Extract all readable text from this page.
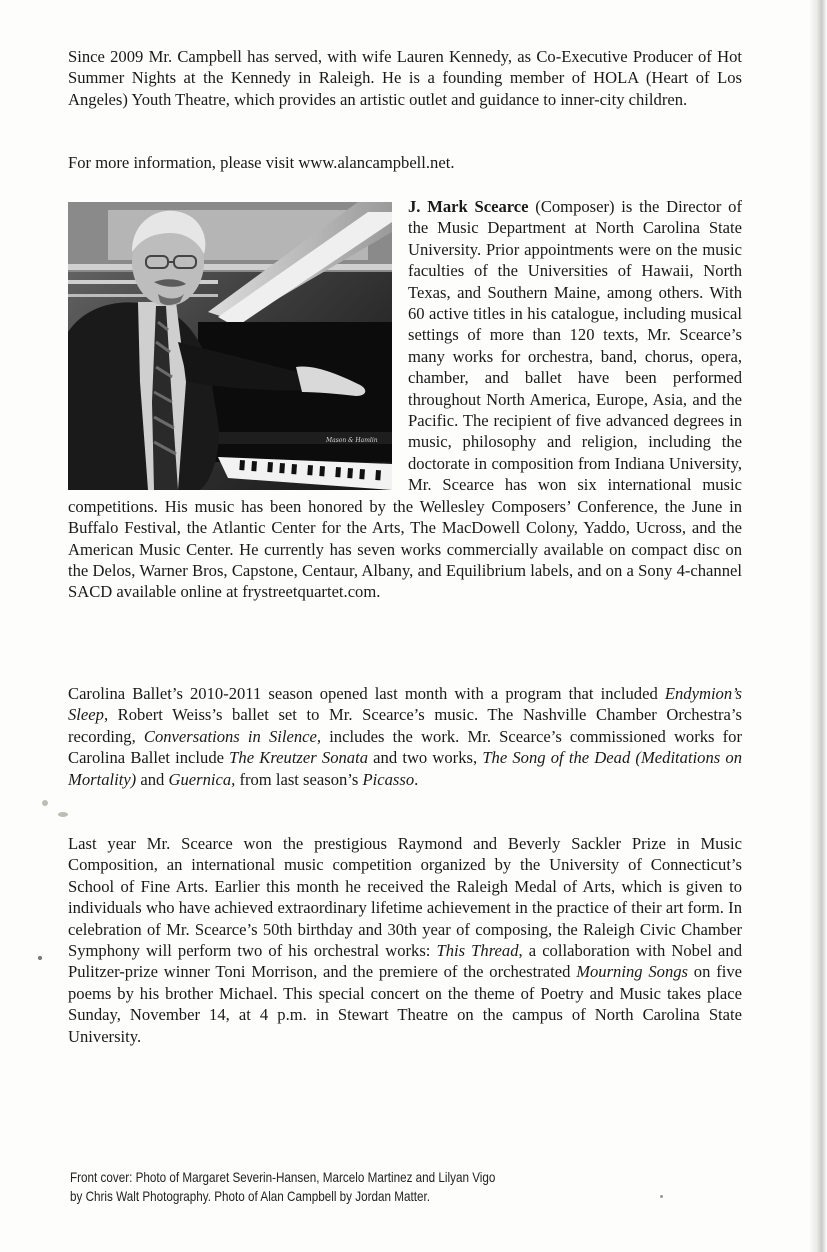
Since 2009 Mr. Campbell has served, with wife Lauren Kennedy, as Co-Executive Producer of Hot Summer Nights at the Kennedy in Raleigh. He is a founding member of HOLA (Heart of Los Angeles) Youth Theatre, which provides an artistic outlet and guidance to inner-city children.

For more information, please visit www.alancampbell.net.

Mason & Hamlin
J. Mark Scearce (Composer) is the Director of the Music Department at North Carolina State University. Prior appointments were on the music faculties of the Universities of Hawaii, North Texas, and Southern Maine, among others. With 60 active titles in his catalogue, including musical settings of more than 120 texts, Mr. Scearce’s many works for orchestra, band, chorus, opera, chamber, and ballet have been performed throughout North America, Europe, Asia, and the Pacific. The recipient of five advanced degrees in music, philosophy and religion, including the doctorate in composition from Indiana University, Mr. Scearce has won six international music competitions. His music has been honored by the Wellesley Composers’ Conference, the June in Buffalo Festival, the Atlantic Center for the Arts, The MacDowell Colony, Yaddo, Ucross, and the American Music Center. He currently has seven works commercially available on compact disc on the Delos, Warner Bros, Capstone, Centaur, Albany, and Equilibrium labels, and on a Sony 4-channel SACD available online at frystreetquartet.com.

Carolina Ballet’s 2010-2011 season opened last month with a program that included Endymion’s Sleep, Robert Weiss’s ballet set to Mr. Scearce’s music. The Nashville Chamber Orchestra’s recording, Conversations in Silence, includes the work. Mr. Scearce’s commissioned works for Carolina Ballet include The Kreutzer Sonata and two works, The Song of the Dead (Meditations on Mortality) and Guernica, from last season’s Picasso.

Last year Mr. Scearce won the prestigious Raymond and Beverly Sackler Prize in Music Composition, an international music competition organized by the University of Connecticut’s School of Fine Arts. Earlier this month he received the Raleigh Medal of Arts, which is given to individuals who have achieved extraordinary lifetime achievement in the practice of their art form. In celebration of Mr. Scearce’s 50th birthday and 30th year of composing, the Raleigh Civic Chamber Symphony will perform two of his orchestral works: This Thread, a collaboration with Nobel and Pulitzer-prize winner Toni Morrison, and the premiere of the orchestrated Mourning Songs on five poems by his brother Michael. This special concert on the theme of Poetry and Music takes place Sunday, November 14, at 4 p.m. in Stewart Theatre on the campus of North Carolina State University.

Front cover: Photo of Margaret Severin-Hansen, Marcelo Martinez and Lilyan Vigo
by Chris Walt Photography. Photo of Alan Campbell by Jordan Matter.
